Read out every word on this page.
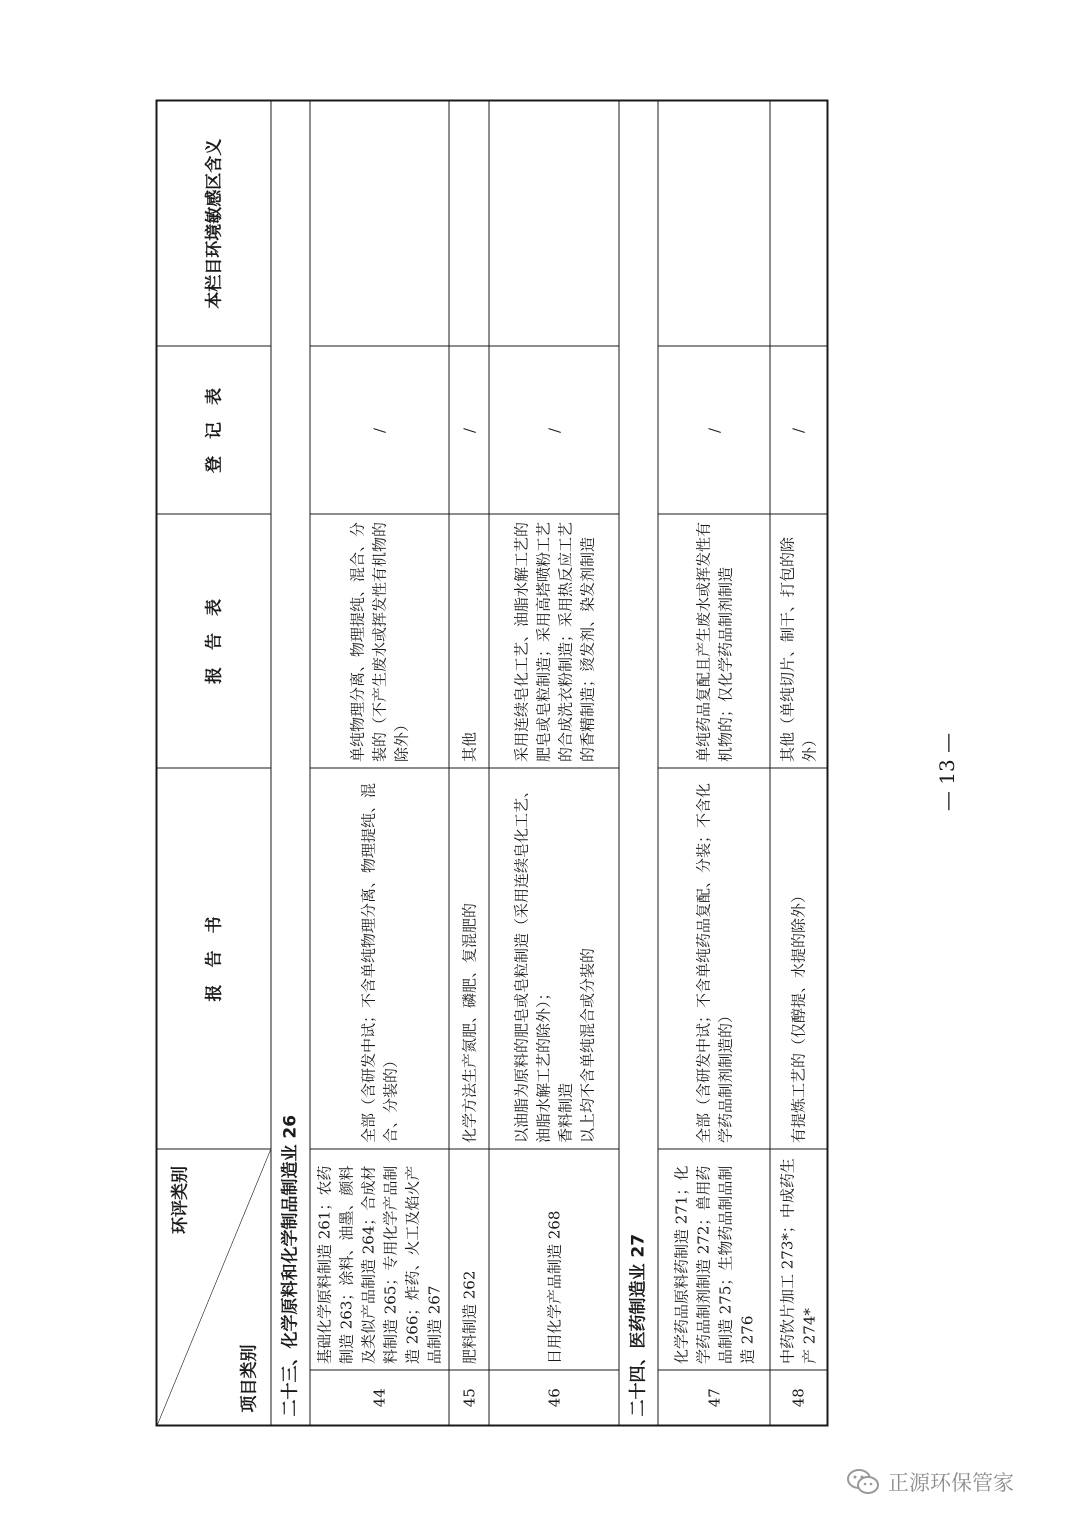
环评类别
项目类别		报　告　书	报　告　表	登　记　表	本栏目环境敏感区含义
二十三、化学原料和化学制品制造业 26					
44	基础化学原料制造 261；农药制造 263；涂料、油墨、颜料及类似产品制造 264；合成材料制造 265；专用化学产品制造 266；炸药、火工及焰火产品制造 267	全部（含研发中试；不含单纯物理分离、物理提纯、混合、分装的）	单纯物理分离、物理提纯、混合、分装的（不产生废水或挥发性有机物的除外）	/	
45	肥料制造 262	化学方法生产氮肥、磷肥、复混肥的	其他	/	
46	日用化学产品制造 268	以油脂为原料的肥皂或皂粒制造（采用连续皂化工艺、油脂水解工艺的除外）； 香料制造 以上均不含单纯混合或分装的	采用连续皂化工艺、油脂水解工艺的肥皂或皂粒制造；采用高塔喷粉工艺的合成洗衣粉制造；采用热反应工艺的香精制造；烫发剂、染发剂制造	/	
二十四、医药制造业 27					
47	化学药品原料药制造 271；化学药品制剂制造 272；兽用药品制造 275；生物药品制品制造 276	全部（含研发中试；不含单纯药品复配、分装；不含化学药品制剂制造的）	单纯药品复配且产生废水或挥发性有机物的；仅化学药品制剂制造	/	
48	中药饮片加工 273*；中成药生产 274*	有提炼工艺的（仅醇提、水提的除外）	其他（单纯切片、制干、打包的除外）	/	
— 13 —
正源环保管家
